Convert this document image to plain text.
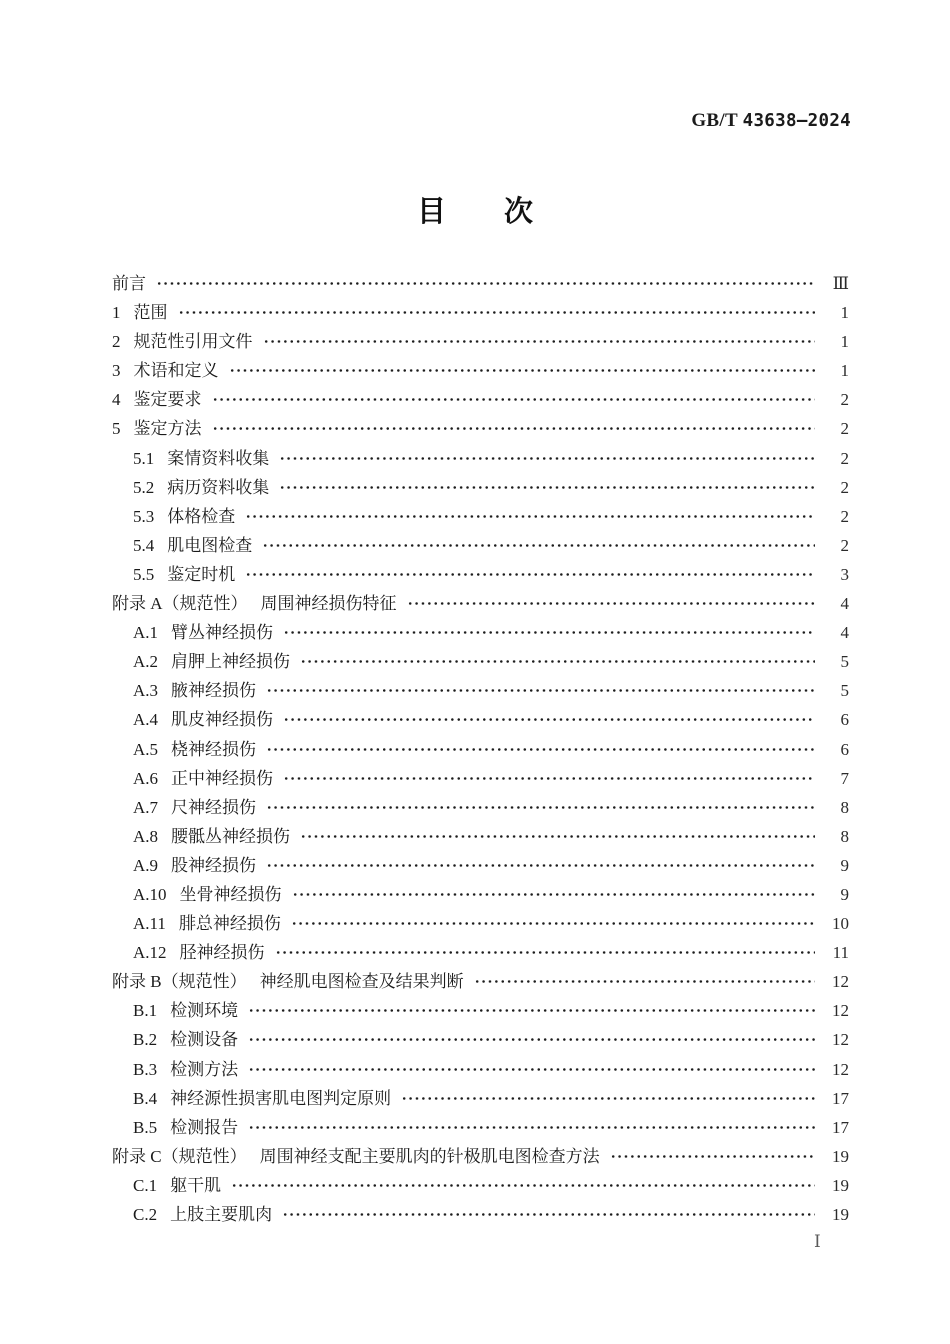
GB/T 43638—2024
目　　次
前言	Ⅲ
1 范围	1
2 规范性引用文件	1
3 术语和定义	1
4 鉴定要求	2
5 鉴定方法	2
5.1 案情资料收集	2
5.2 病历资料收集	2
5.3 体格检查	2
5.4 肌电图检查	2
5.5 鉴定时机	3
附录 A（规范性） 周围神经损伤特征	4
A.1 臂丛神经损伤	4
A.2 肩胛上神经损伤	5
A.3 腋神经损伤	5
A.4 肌皮神经损伤	6
A.5 桡神经损伤	6
A.6 正中神经损伤	7
A.7 尺神经损伤	8
A.8 腰骶丛神经损伤	8
A.9 股神经损伤	9
A.10 坐骨神经损伤	9
A.11 腓总神经损伤	10
A.12 胫神经损伤	11
附录 B（规范性） 神经肌电图检查及结果判断	12
B.1 检测环境	12
B.2 检测设备	12
B.3 检测方法	12
B.4 神经源性损害肌电图判定原则	17
B.5 检测报告	17
附录 C（规范性） 周围神经支配主要肌肉的针极肌电图检查方法	19
C.1 躯干肌	19
C.2 上肢主要肌肉	19
Ⅰ
